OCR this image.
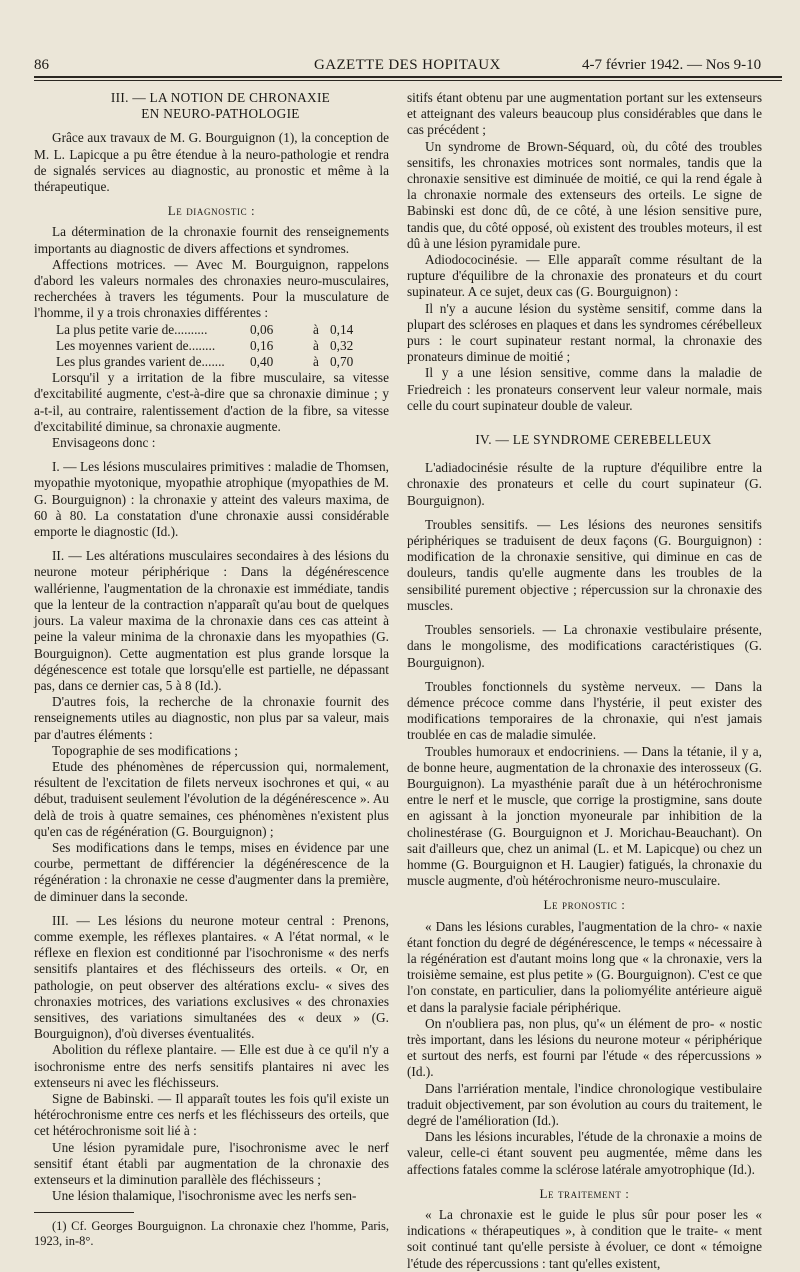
86	GAZETTE DES HOPITAUX	4-7 février 1942. — Nos 9-10

III. — LA NOTION DE CHRONAXIE

EN NEURO-PATHOLOGIE

Grâce aux travaux de M. G. Bourguignon (1), la conception de M. L. Lapicque a pu être étendue à la neuro-pathologie et rendra de signalés services au diagnostic, au pronostic et même à la thérapeutique.

Le diagnostic :

La détermination de la chronaxie fournit des renseignements importants au diagnostic de divers affections et syndromes.

Affections motrices. — Avec M. Bourguignon, rappelons d'abord les valeurs normales des chronaxies neuro-musculaires, recherchées à travers les téguments. Pour la musculature de l'homme, il y a trois chronaxies différentes :

La plus petite varie de..........	0,06	à 0,14
Les moyennes varient de........	0,16	à 0,32
Les plus grandes varient de.......	0,40	à 0,70

Lorsqu'il y a irritation de la fibre musculaire, sa vitesse d'excitabilité augmente, c'est-à-dire que sa chronaxie diminue ; y a-t-il, au contraire, ralentissement d'action de la fibre, sa vitesse d'excitabilité diminue, sa chronaxie augmente.

Envisageons donc :

I. — Les lésions musculaires primitives : maladie de Thomsen, myopathie myotonique, myopathie atrophique (myopathies de M. G. Bourguignon) : la chronaxie y atteint des valeurs maxima, de 60 à 80. La constatation d'une chronaxie aussi considérable emporte le diagnostic (Id.).

II. — Les altérations musculaires secondaires à des lésions du neurone moteur périphérique : Dans la dégénérescence wallérienne, l'augmentation de la chronaxie est immédiate, tandis que la lenteur de la contraction n'apparaît qu'au bout de quelques jours. La valeur maxima de la chronaxie dans ces cas atteint à peine la valeur minima de la chronaxie dans les myopathies (G. Bourguignon). Cette augmentation est plus grande lorsque la dégénescence est totale que lorsqu'elle est partielle, ne dépassant pas, dans ce dernier cas, 5 à 8 (Id.).

D'autres fois, la recherche de la chronaxie fournit des renseignements utiles au diagnostic, non plus par sa valeur, mais par d'autres éléments :

Topographie de ses modifications ;

Etude des phénomènes de répercussion qui, normalement, résultent de l'excitation de filets nerveux isochrones et qui, « au début, traduisent seulement l'évolution de la dégénérescence ». Au delà de trois à quatre semaines, ces phénomènes n'existent plus qu'en cas de régénération (G. Bourguignon) ;

Ses modifications dans le temps, mises en évidence par une courbe, permettant de différencier la dégénérescence de la régénération : la chronaxie ne cesse d'augmenter dans la première, de diminuer dans la seconde.

III. — Les lésions du neurone moteur central : Prenons, comme exemple, les réflexes plantaires. « A l'état normal, « le réflexe en flexion est conditionné par l'isochronisme « des nerfs sensitifs plantaires et des fléchisseurs des orteils. « Or, en pathologie, on peut observer des altérations exclu- « sives des chronaxies motrices, des variations exclusives « des chronaxies sensitives, des variations simultanées des « deux » (G. Bourguignon), d'où diverses éventualités.

Abolition du réflexe plantaire. — Elle est due à ce qu'il n'y a isochronisme entre des nerfs sensitifs plantaires ni avec les extenseurs ni avec les fléchisseurs.

Signe de Babinski. — Il apparaît toutes les fois qu'il existe un hétérochronisme entre ces nerfs et les fléchisseurs des orteils, que cet hétérochronisme soit lié à :

Une lésion pyramidale pure, l'isochronisme avec le nerf sensitif étant établi par augmentation de la chronaxie des extenseurs et la diminution parallèle des fléchisseurs ;

Une lésion thalamique, l'isochronisme avec les nerfs sen-

(1) Cf. Georges Bourguignon. La chronaxie chez l'homme, Paris, 1923, in-8°.

sitifs étant obtenu par une augmentation portant sur les extenseurs et atteignant des valeurs beaucoup plus considérables que dans le cas précédent ;

Un syndrome de Brown-Séquard, où, du côté des troubles sensitifs, les chronaxies motrices sont normales, tandis que la chronaxie sensitive est diminuée de moitié, ce qui la rend égale à la chronaxie normale des extenseurs des orteils. Le signe de Babinski est donc dû, de ce côté, à une lésion sensitive pure, tandis que, du côté opposé, où existent des troubles moteurs, il est dû à une lésion pyramidale pure.

Adiodococinésie. — Elle apparaît comme résultant de la rupture d'équilibre de la chronaxie des pronateurs et du court supinateur. A ce sujet, deux cas (G. Bourguignon) :

Il n'y a aucune lésion du système sensitif, comme dans la plupart des scléroses en plaques et dans les syndromes cérébelleux purs : le court supinateur restant normal, la chronaxie des pronateurs diminue de moitié ;

Il y a une lésion sensitive, comme dans la maladie de Friedreich : les pronateurs conservent leur valeur normale, mais celle du court supinateur double de valeur.

IV. — LE SYNDROME CEREBELLEUX

L'adiadocinésie résulte de la rupture d'équilibre entre la chronaxie des pronateurs et celle du court supinateur (G. Bourguignon).

Troubles sensitifs. — Les lésions des neurones sensitifs périphériques se traduisent de deux façons (G. Bourguignon) : modification de la chronaxie sensitive, qui diminue en cas de douleurs, tandis qu'elle augmente dans les troubles de la sensibilité purement objective ; répercussion sur la chronaxie des muscles.

Troubles sensoriels. — La chronaxie vestibulaire présente, dans le mongolisme, des modifications caractéristiques (G. Bourguignon).

Troubles fonctionnels du système nerveux. — Dans la démence précoce comme dans l'hystérie, il peut exister des modifications temporaires de la chronaxie, qui n'est jamais troublée en cas de maladie simulée.

Troubles humoraux et endocriniens. — Dans la tétanie, il y a, de bonne heure, augmentation de la chronaxie des interosseux (G. Bourguignon). La myasthénie paraît due à un hétérochronisme entre le nerf et le muscle, que corrige la prostigmine, sans doute en agissant à la jonction myoneurale par inhibition de la cholinestérase (G. Bourguignon et J. Morichau-Beauchant). On sait d'ailleurs que, chez un animal (L. et M. Lapicque) ou chez un homme (G. Bourguignon et H. Laugier) fatigués, la chronaxie du muscle augmente, d'où hétérochronisme neuro-musculaire.

Le pronostic :

« Dans les lésions curables, l'augmentation de la chro- « naxie étant fonction du degré de dégénérescence, le temps « nécessaire à la régénération est d'autant moins long que « la chronaxie, vers la troisième semaine, est plus petite » (G. Bourguignon). C'est ce que l'on constate, en particulier, dans la poliomyélite antérieure aiguë et dans la paralysie faciale périphérique.

On n'oubliera pas, non plus, qu'« un élément de pro- « nostic très important, dans les lésions du neurone moteur « périphérique et surtout des nerfs, est fourni par l'étude « des répercussions » (Id.).

Dans l'arriération mentale, l'indice chronologique vestibulaire traduit objectivement, par son évolution au cours du traitement, le degré de l'amélioration (Id.).

Dans les lésions incurables, l'étude de la chronaxie a moins de valeur, celle-ci étant souvent peu augmentée, même dans les affections fatales comme la sclérose latérale amyotrophique (Id.).

Le traitement :

« La chronaxie est le guide le plus sûr pour poser les « indications « thérapeutiques », à condition que le traite- « ment soit continué tant qu'elle persiste à évoluer, ce dont « témoigne l'étude des répercussions : tant qu'elles existent,
